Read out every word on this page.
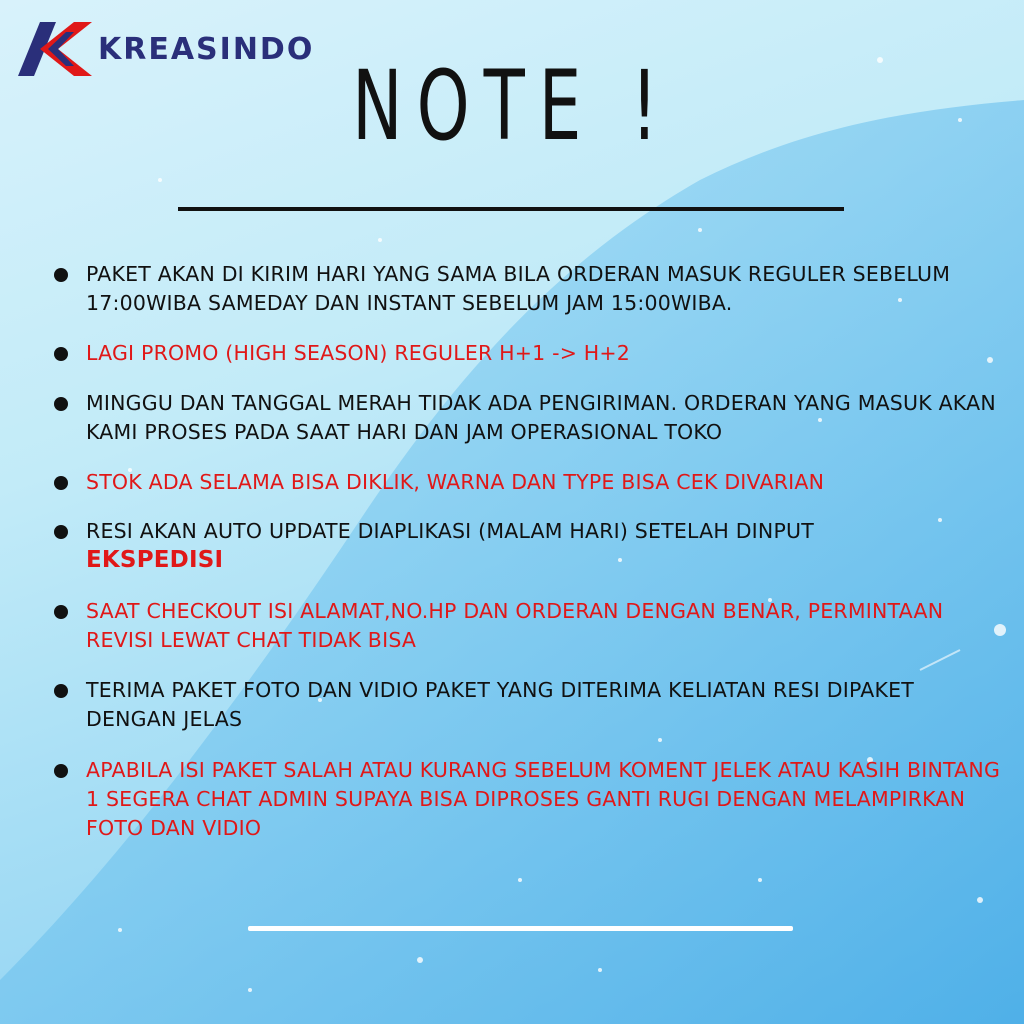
KREASINDO
NOTE !
PAKET AKAN DI KIRIM HARI YANG SAMA BILA ORDERAN MASUK REGULER SEBELUM 17:00WIBA SAMEDAY DAN INSTANT SEBELUM JAM 15:00WIBA.
LAGI PROMO (HIGH SEASON) REGULER H+1 -> H+2
MINGGU DAN TANGGAL MERAH TIDAK ADA PENGIRIMAN. ORDERAN YANG MASUK AKAN KAMI PROSES PADA SAAT HARI DAN JAM OPERASIONAL TOKO
STOK ADA SELAMA BISA DIKLIK, WARNA DAN TYPE BISA CEK DIVARIAN
RESI AKAN AUTO UPDATE DIAPLIKASI (MALAM HARI) SETELAH DINPUT
EKSPEDISI
SAAT CHECKOUT ISI ALAMAT,NO.HP DAN ORDERAN DENGAN BENAR, PERMINTAAN REVISI LEWAT CHAT TIDAK BISA
TERIMA PAKET FOTO DAN VIDIO PAKET YANG DITERIMA KELIATAN RESI DIPAKET DENGAN JELAS
APABILA ISI PAKET SALAH ATAU KURANG SEBELUM KOMENT JELEK ATAU KASIH BINTANG 1 SEGERA CHAT ADMIN SUPAYA BISA DIPROSES GANTI RUGI DENGAN MELAMPIRKAN FOTO DAN VIDIO
